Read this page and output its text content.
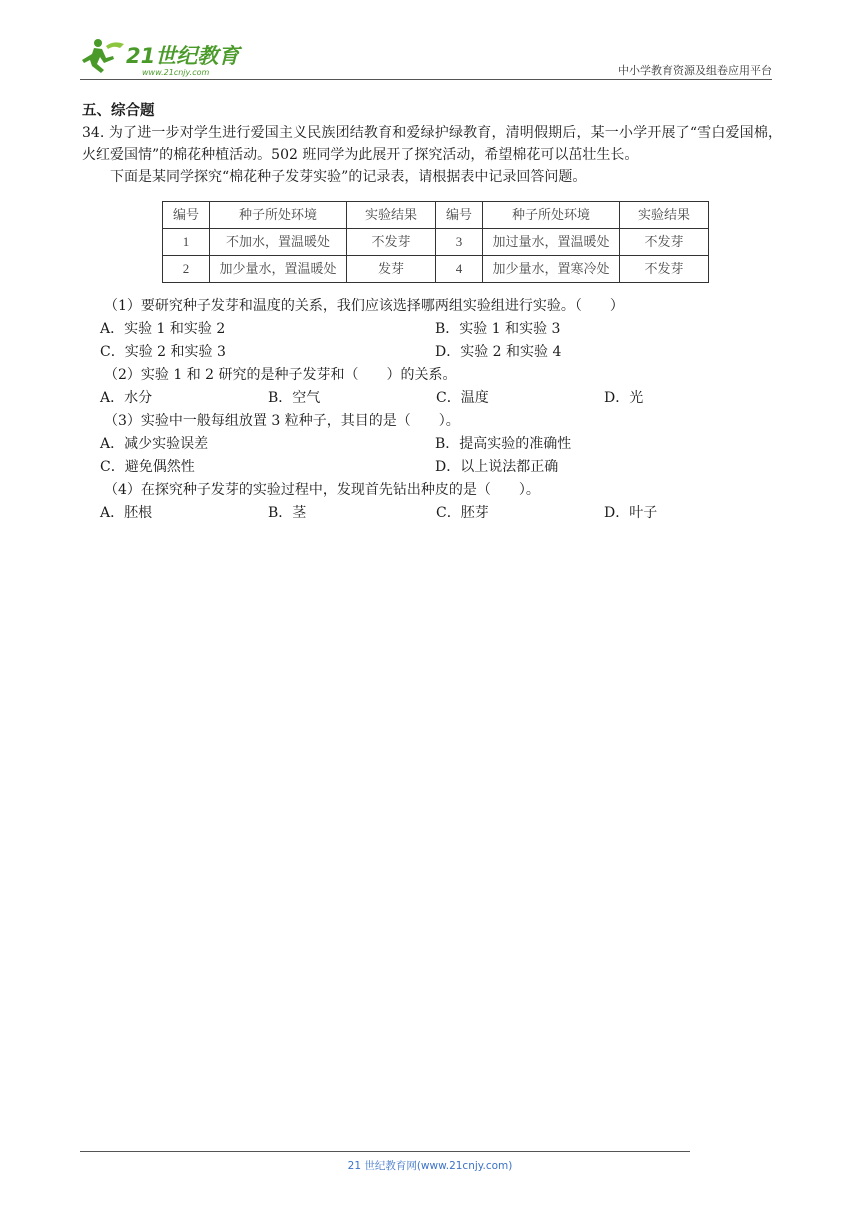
21世纪教育
www.21cnjy.com	中小学教育资源及组卷应用平台

五、综合题

34. 为了进一步对学生进行爱国主义民族团结教育和爱绿护绿教育，清明假期后，某一小学开展了“雪白爱国棉，火红爱国情”的棉花种植活动。502 班同学为此展开了探究活动，希望棉花可以茁壮生长。

下面是某同学探究“棉花种子发芽实验”的记录表，请根据表中记录回答问题。

编号	种子所处环境	实验结果	编号	种子所处环境	实验结果
1	不加水，置温暖处	不发芽	3	加过量水，置温暖处	不发芽
2	加少量水，置温暖处	发芽	4	加少量水，置寒冷处	不发芽

（1）要研究种子发芽和温度的关系，我们应该选择哪两组实验组进行实验。（　　）

A．实验 1 和实验 2	B．实验 1 和实验 3
C．实验 2 和实验 3	D．实验 2 和实验 4

（2）实验 1 和 2 研究的是种子发芽和（　　）的关系。

A．水分	B．空气	C．温度	D．光

（3）实验中一般每组放置 3 粒种子，其目的是（　　）。

A．减少实验误差	B．提高实验的准确性
C．避免偶然性	D．以上说法都正确

（4）在探究种子发芽的实验过程中，发现首先钻出种皮的是（　　）。

A．胚根	B．茎	C．胚芽	D．叶子
21 世纪教育网(www.21cnjy.com)
